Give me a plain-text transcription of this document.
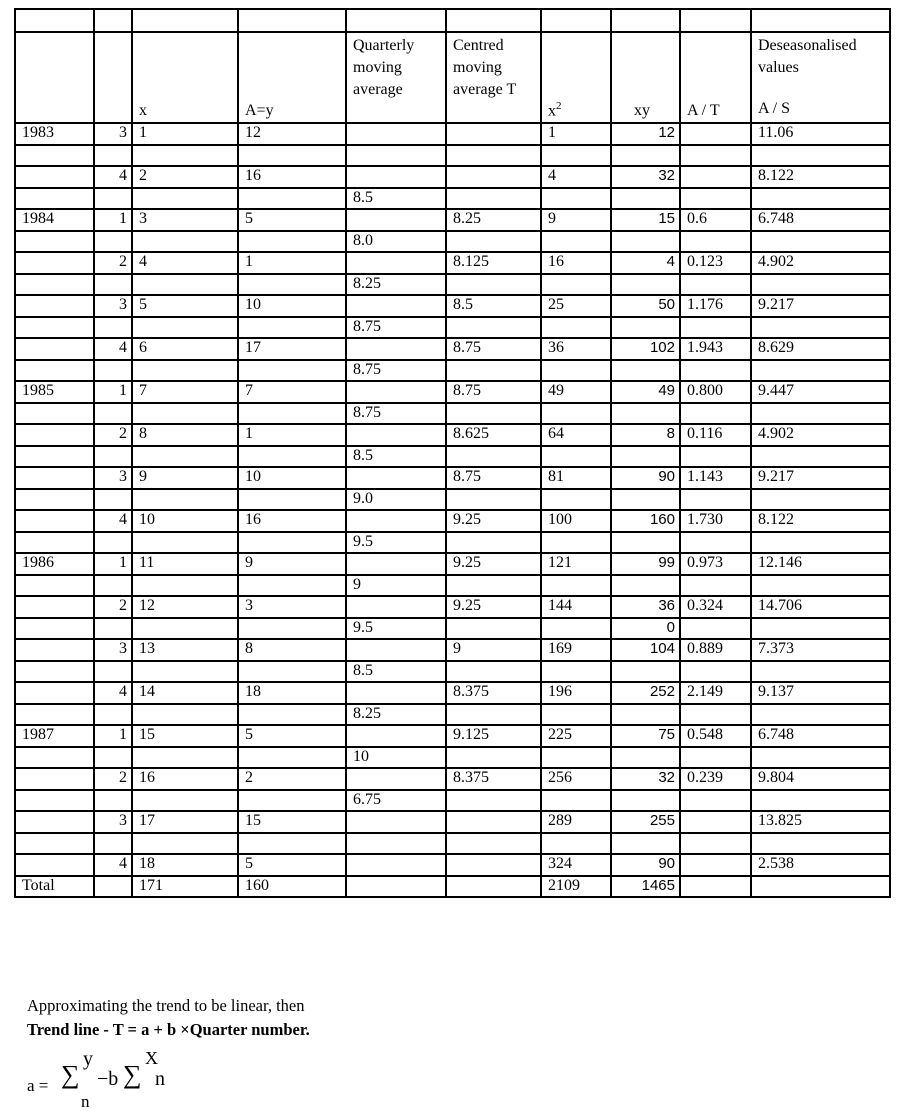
		x	A=y	Quarterly moving average	Centred moving average T	$x^2$	xy	A / T	Deseasonalised values
A / S

1983	3	1	12			1	12		11.06

	4	2	16			4	32		8.122
				8.5					
1984	1	3	5		8.25	9	15	0.6	6.748
				8.0					
	2	4	1		8.125	16	4	0.123	4.902
				8.25					
	3	5	10		8.5	25	50	1.176	9.217
				8.75					
	4	6	17		8.75	36	102	1.943	8.629
				8.75					
1985	1	7	7		8.75	49	49	0.800	9.447
				8.75					
	2	8	1		8.625	64	8	0.116	4.902
				8.5					
	3	9	10		8.75	81	90	1.143	9.217
				9.0					
	4	10	16		9.25	100	160	1.730	8.122
				9.5					
1986	1	11	9		9.25	121	99	0.973	12.146
				9					
	2	12	3		9.25	144	36	0.324	14.706
				9.5			0		
	3	13	8		9	169	104	0.889	7.373
				8.5					
	4	14	18		8.375	196	252	2.149	9.137
				8.25					
1987	1	15	5		9.125	225	75	0.548	6.748
				10					
	2	16	2		8.375	256	32	0.239	9.804
				6.75					
	3	17	15			289	255		13.825

	4	18	5			324	90		2.538
Total		171	160			2109	1465		
Approximating the trend to be linear, then
Trend line - T = a + b ×Quarter number.
a = ∑
y
n
−b ∑
X
n
